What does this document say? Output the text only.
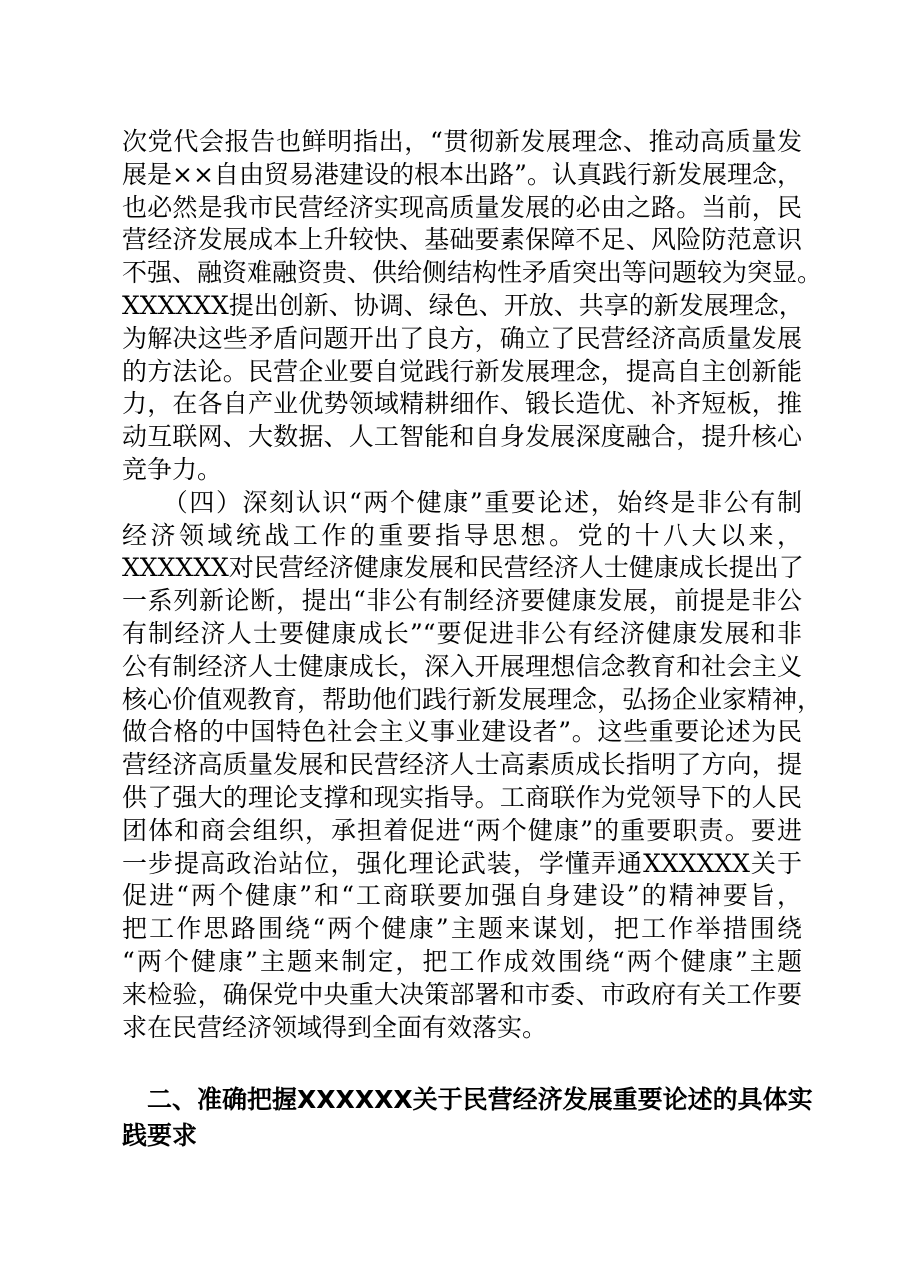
次党代会报告也鲜明指出，“贯彻新发展理念、推动高质量发
展是××自由贸易港建设的根本出路”。认真践行新发展理念，
也必然是我市民营经济实现高质量发展的必由之路。当前，民
营经济发展成本上升较快、基础要素保障不足、风险防范意识
不强、融资难融资贵、供给侧结构性矛盾突出等问题较为突显。
XXXXXX提出创新、协调、绿色、开放、共享的新发展理念，
为解决这些矛盾问题开出了良方，确立了民营经济高质量发展
的方法论。民营企业要自觉践行新发展理念，提高自主创新能
力，在各自产业优势领域精耕细作、锻长造优、补齐短板，推
动互联网、大数据、人工智能和自身发展深度融合，提升核心
竞争力。
　　（四）深刻认识“两个健康”重要论述，始终是非公有制
经济领域统战工作的重要指导思想。党的十八大以来，
XXXXXX对民营经济健康发展和民营经济人士健康成长提出了
一系列新论断，提出“非公有制经济要健康发展，前提是非公
有制经济人士要健康成长”“要促进非公有经济健康发展和非
公有制经济人士健康成长，深入开展理想信念教育和社会主义
核心价值观教育，帮助他们践行新发展理念，弘扬企业家精神，
做合格的中国特色社会主义事业建设者”。这些重要论述为民
营经济高质量发展和民营经济人士高素质成长指明了方向，提
供了强大的理论支撑和现实指导。工商联作为党领导下的人民
团体和商会组织，承担着促进“两个健康”的重要职责。要进
一步提高政治站位，强化理论武装，学懂弄通XXXXXX关于
促进“两个健康”和“工商联要加强自身建设”的精神要旨，
把工作思路围绕“两个健康”主题来谋划，把工作举措围绕
“两个健康”主题来制定，把工作成效围绕“两个健康”主题
来检验，确保党中央重大决策部署和市委、市政府有关工作要
求在民营经济领域得到全面有效落实。
　二、准确把握XXXXXX关于民营经济发展重要论述的具体实
践要求
